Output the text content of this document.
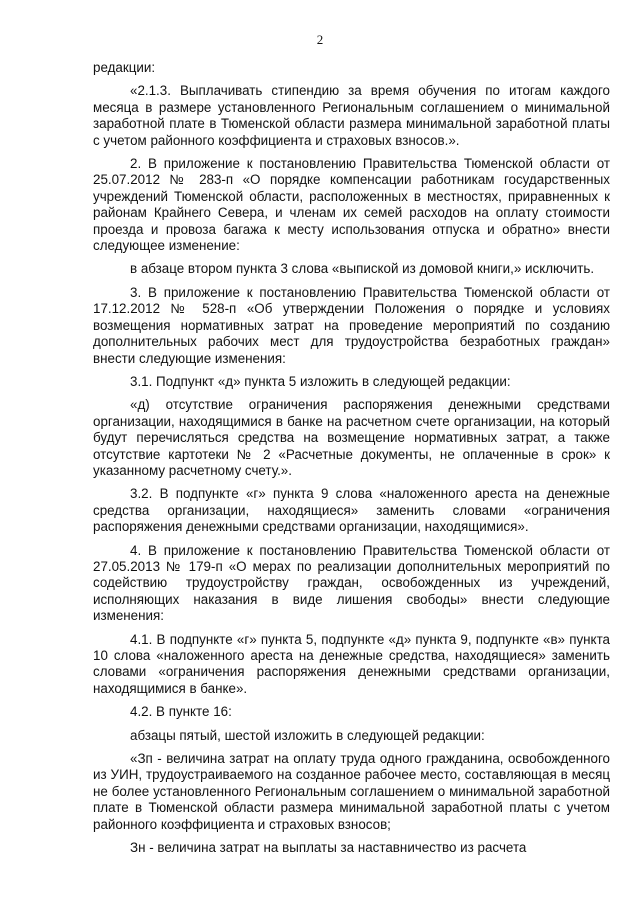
2

редакции:

«2.1.3. Выплачивать стипендию за время обучения по итогам каждого месяца в размере установленного Региональным соглашением о минимальной заработной плате в Тюменской области размера минимальной заработной платы с учетом районного коэффициента и страховых взносов.».

2. В приложение к постановлению Правительства Тюменской области от 25.07.2012 № 283-п «О порядке компенсации работникам государственных учреждений Тюменской области, расположенных в местностях, приравненных к районам Крайнего Севера, и членам их семей расходов на оплату стоимости проезда и провоза багажа к месту использования отпуска и обратно» внести следующее изменение:

в абзаце втором пункта 3 слова «выпиской из домовой книги,» исключить.

3. В приложение к постановлению Правительства Тюменской области от 17.12.2012 № 528-п «Об утверждении Положения о порядке и условиях возмещения нормативных затрат на проведение мероприятий по созданию дополнительных рабочих мест для трудоустройства безработных граждан» внести следующие изменения:

3.1. Подпункт «д» пункта 5 изложить в следующей редакции:

«д) отсутствие ограничения распоряжения денежными средствами организации, находящимися в банке на расчетном счете организации, на который будут перечисляться средства на возмещение нормативных затрат, а также отсутствие картотеки № 2 «Расчетные документы, не оплаченные в срок» к указанному расчетному счету.».

3.2. В подпункте «г» пункта 9 слова «наложенного ареста на денежные средства организации, находящиеся» заменить словами «ограничения распоряжения денежными средствами организации, находящимися».

4. В приложение к постановлению Правительства Тюменской области от 27.05.2013 № 179-п «О мерах по реализации дополнительных мероприятий по содействию трудоустройству граждан, освобожденных из учреждений, исполняющих наказания в виде лишения свободы» внести следующие изменения:

4.1. В подпункте «г» пункта 5, подпункте «д» пункта 9, подпункте «в» пункта 10 слова «наложенного ареста на денежные средства, находящиеся» заменить словами «ограничения распоряжения денежными средствами организации, находящимися в банке».

4.2. В пункте 16:

абзацы пятый, шестой изложить в следующей редакции:

«Зп - величина затрат на оплату труда одного гражданина, освобожденного из УИН, трудоустраиваемого на созданное рабочее место, составляющая в месяц не более установленного Региональным соглашением о минимальной заработной плате в Тюменской области размера минимальной заработной платы с учетом районного коэффициента и страховых взносов;

Зн - величина затрат на выплаты за наставничество из расчета
